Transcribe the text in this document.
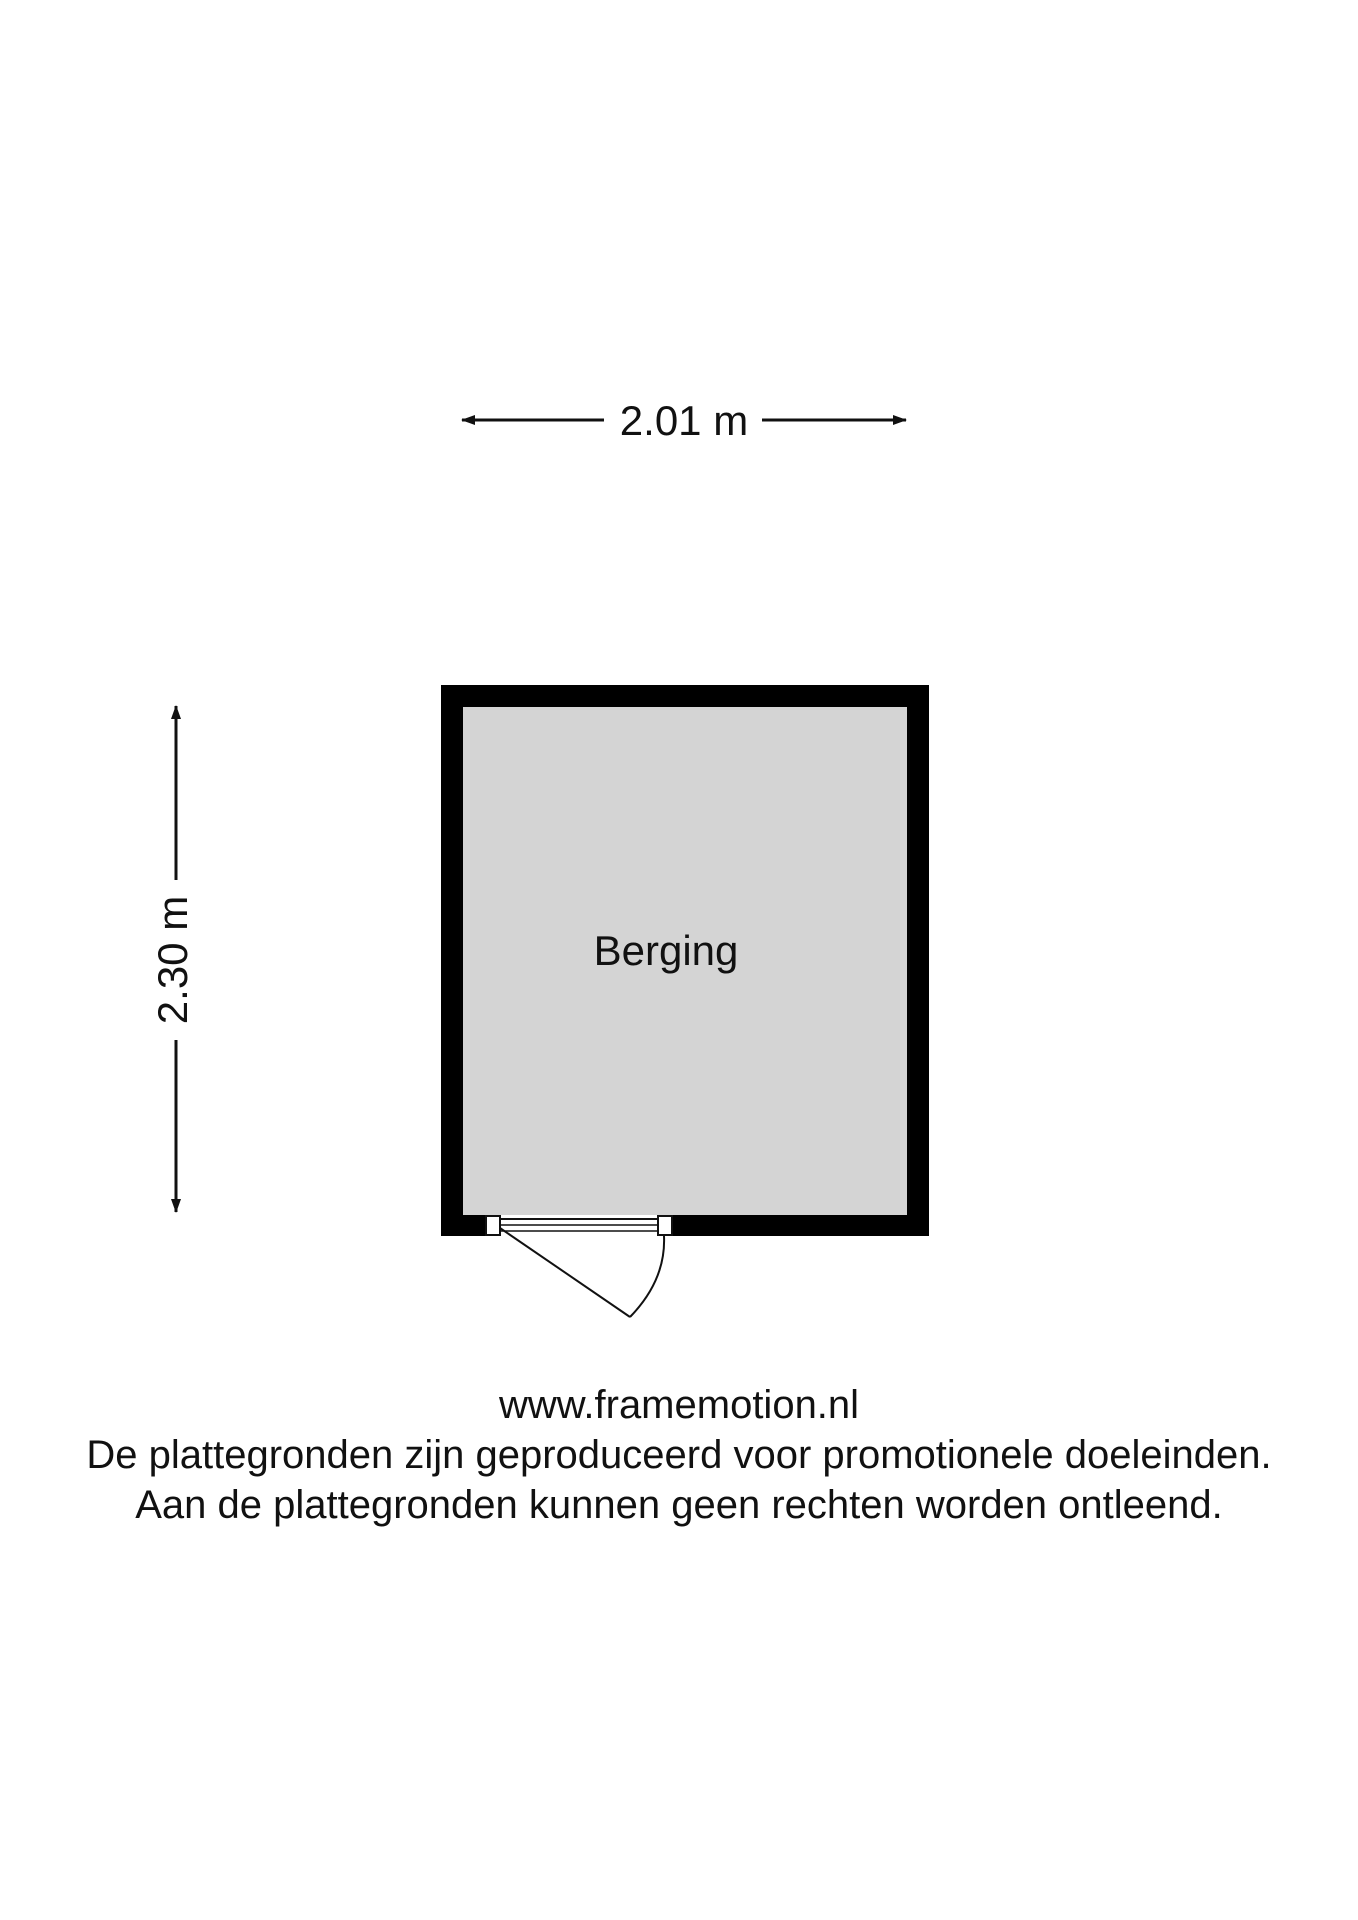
2.01 m
2.30 m	Berging
www.framemotion.nl
De plattegronden zijn geproduceerd voor promotionele doeleinden.
Aan de plattegronden kunnen geen rechten worden ontleend.
